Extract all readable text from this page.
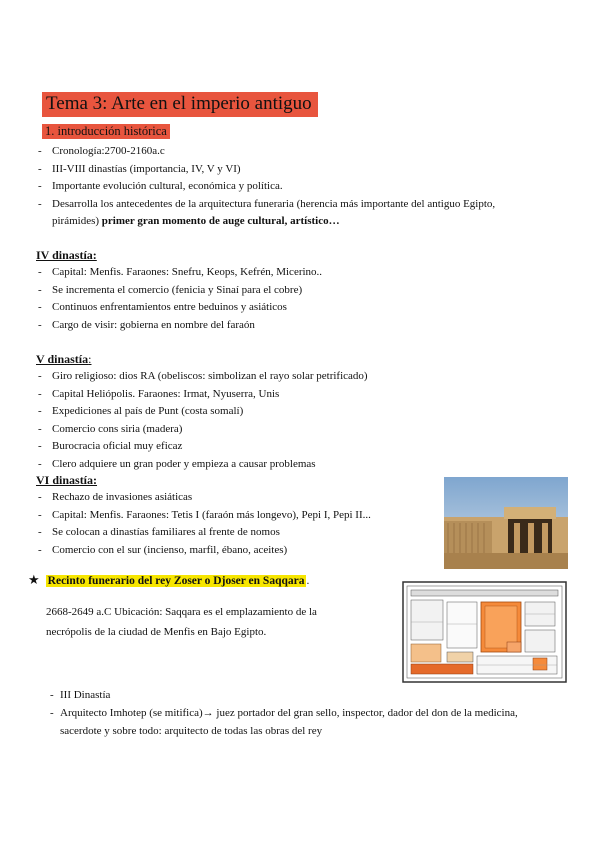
Tema 3: Arte en el imperio antiguo
1. introducción histórica
- Cronología:2700-2160a.c
- III-VIII dinastías (importancia, IV, V y VI)
- Importante evolución cultural, económica y política.
- Desarrolla los antecedentes de la arquitectura funeraria (herencia más importante del antiguo Egipto, pirámides) primer gran momento de auge cultural, artístico…
IV dinastía:
- Capital: Menfis. Faraones: Snefru, Keops, Kefrén, Micerino..
- Se incrementa el comercio (fenicia y Sinaí para el cobre)
- Continuos enfrentamientos entre beduinos y asiáticos
- Cargo de visir: gobierna en nombre del faraón
V dinastía:
- Giro religioso: dios RA (obeliscos: simbolizan el rayo solar petrificado)
- Capital Heliópolis. Faraones: Irmat, Nyuserra, Unis
- Expediciones al país de Punt (costa somalí)
- Comercio cons siria (madera)
- Burocracia oficial muy eficaz
- Clero adquiere un gran poder y empieza a causar problemas
VI dinastía:
- Rechazo de invasiones asiáticas
- Capital: Menfis. Faraones: Tetis I (faraón más longevo), Pepi I, Pepi II...
- Se colocan a dinastías familiares al frente de nomos
- Comercio con el sur (incienso, marfil, ébano, aceites)
★ Recinto funerario del rey Zoser o Djoser en Saqqara .
2668-2649 a.C Ubicación: Saqqara es el emplazamiento de la necrópolis de la ciudad de Menfis en Bajo Egipto.
- III Dinastía
- Arquitecto Imhotep (se mitifica)→ juez portador del gran sello, inspector, dador del don de la medicina, sacerdote y sobre todo: arquitecto de todas las obras del rey
